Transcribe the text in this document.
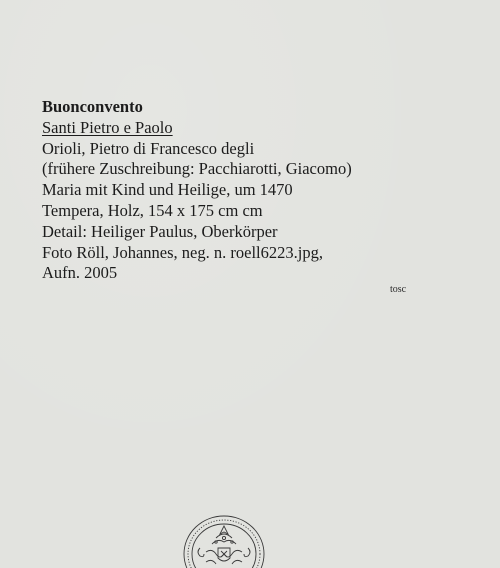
Buonconvento
Santi Pietro e Paolo
Orioli, Pietro di Francesco degli
(frühere Zuschreibung: Pacchiarotti, Giacomo)
Maria mit Kind und Heilige, um 1470
Tempera, Holz, 154 x 175 cm cm
Detail: Heiliger Paulus, Oberkörper
Foto Röll, Johannes, neg. n. roell6223.jpg,
Aufn. 2005
tosc
